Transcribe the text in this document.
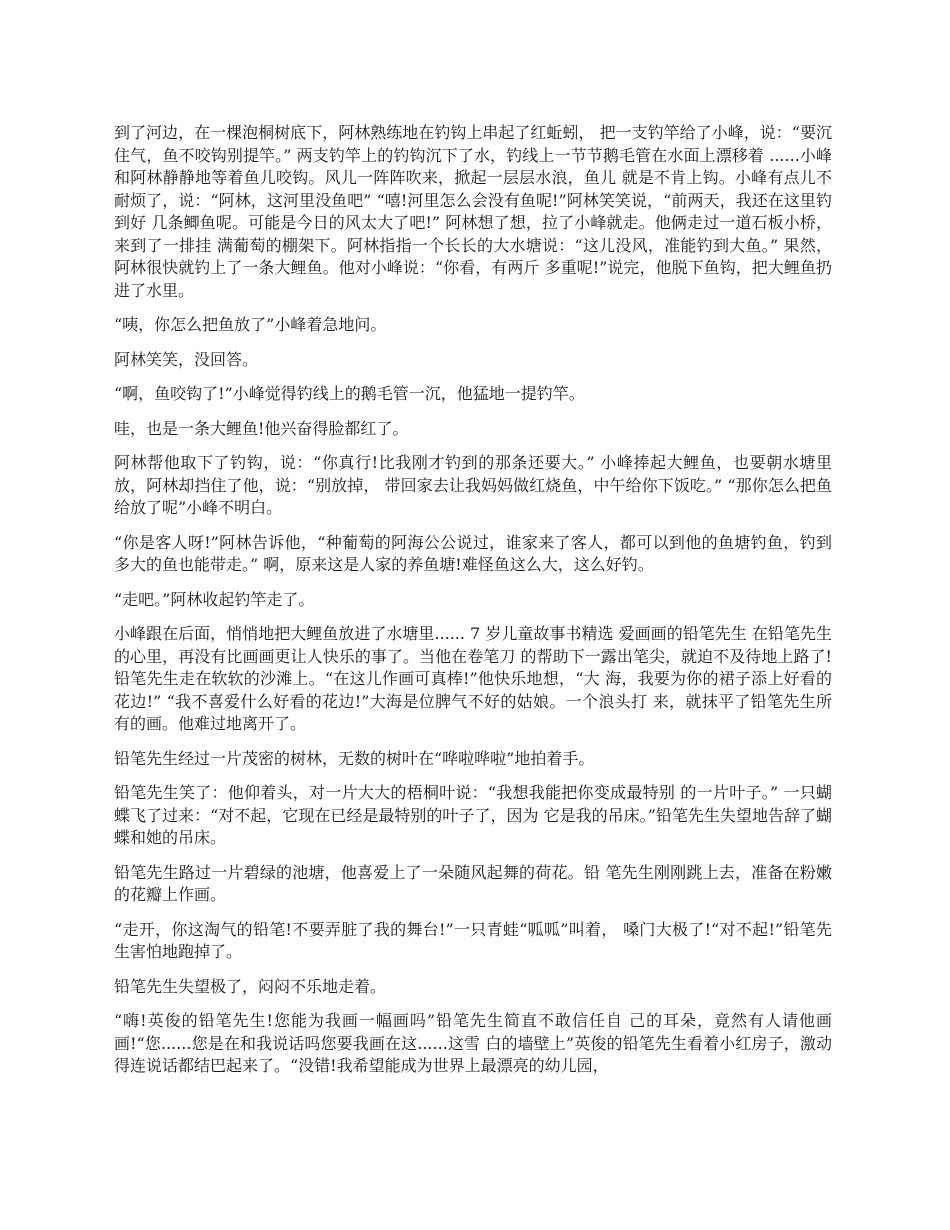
到了河边，在一棵泡桐树底下，阿林熟练地在钓钩上串起了红蚯蚓， 把一支钓竿给了小峰，说：“要沉住气，鱼不咬钩别提竿。” 两支钓竿上的钓钩沉下了水，钓线上一节节鹅毛管在水面上漂移着 ......小峰和阿林静静地等着鱼儿咬钩。风儿一阵阵吹来，掀起一层层水浪，鱼儿 就是不肯上钩。小峰有点儿不耐烦了，说：“阿林，这河里没鱼吧” “嘻!河里怎么会没有鱼呢!”阿林笑笑说，“前两天，我还在这里钓到好 几条鲫鱼呢。可能是今日的风太大了吧!” 阿林想了想，拉了小峰就走。他俩走过一道石板小桥，来到了一排挂 满葡萄的棚架下。阿林指指一个长长的大水塘说：“这儿没风，准能钓到大鱼。” 果然，阿林很快就钓上了一条大鲤鱼。他对小峰说：“你看，有两斤 多重呢!”说完，他脱下鱼钩，把大鲤鱼扔进了水里。

“咦，你怎么把鱼放了”小峰着急地问。

阿林笑笑，没回答。

“啊，鱼咬钩了!”小峰觉得钓线上的鹅毛管一沉，他猛地一提钓竿。

哇，也是一条大鲤鱼!他兴奋得脸都红了。

阿林帮他取下了钓钩，说：“你真行!比我刚才钓到的那条还要大。” 小峰捧起大鲤鱼，也要朝水塘里放，阿林却挡住了他，说：“别放掉， 带回家去让我妈妈做红烧鱼，中午给你下饭吃。” “那你怎么把鱼给放了呢”小峰不明白。

“你是客人呀!”阿林告诉他，“种葡萄的阿海公公说过，谁家来了客人，都可以到他的鱼塘钓鱼，钓到多大的鱼也能带走。” 啊，原来这是人家的养鱼塘!难怪鱼这么大，这么好钓。

“走吧。”阿林收起钓竿走了。

小峰跟在后面，悄悄地把大鲤鱼放进了水塘里...... 7 岁儿童故事书精选 爱画画的铅笔先生 在铅笔先生的心里，再没有比画画更让人快乐的事了。当他在卷笔刀 的帮助下一露出笔尖，就迫不及待地上路了! 铅笔先生走在软软的沙滩上。“在这儿作画可真棒!”他快乐地想，“大 海，我要为你的裙子添上好看的花边!” “我不喜爱什么好看的花边!”大海是位脾气不好的姑娘。一个浪头打 来，就抹平了铅笔先生所有的画。他难过地离开了。

铅笔先生经过一片茂密的树林，无数的树叶在“哗啦哗啦”地拍着手。

铅笔先生笑了：他仰着头，对一片大大的梧桐叶说：“我想我能把你变成最特别 的一片叶子。” 一只蝴蝶飞了过来：“对不起，它现在已经是最特别的叶子了，因为 它是我的吊床。”铅笔先生失望地告辞了蝴蝶和她的吊床。

铅笔先生路过一片碧绿的池塘，他喜爱上了一朵随风起舞的荷花。铅 笔先生刚刚跳上去，准备在粉嫩的花瓣上作画。

“走开，你这淘气的铅笔!不要弄脏了我的舞台!”一只青蛙“呱呱”叫着， 嗓门大极了!“对不起!”铅笔先生害怕地跑掉了。

铅笔先生失望极了，闷闷不乐地走着。

“嗨!英俊的铅笔先生!您能为我画一幅画吗”铅笔先生简直不敢信任自 己的耳朵，竟然有人请他画画!“您......您是在和我说话吗您要我画在这......这雪 白的墙壁上”英俊的铅笔先生看着小红房子，激动得连说话都结巴起来了。“没错!我希望能成为世界上最漂亮的幼儿园，
